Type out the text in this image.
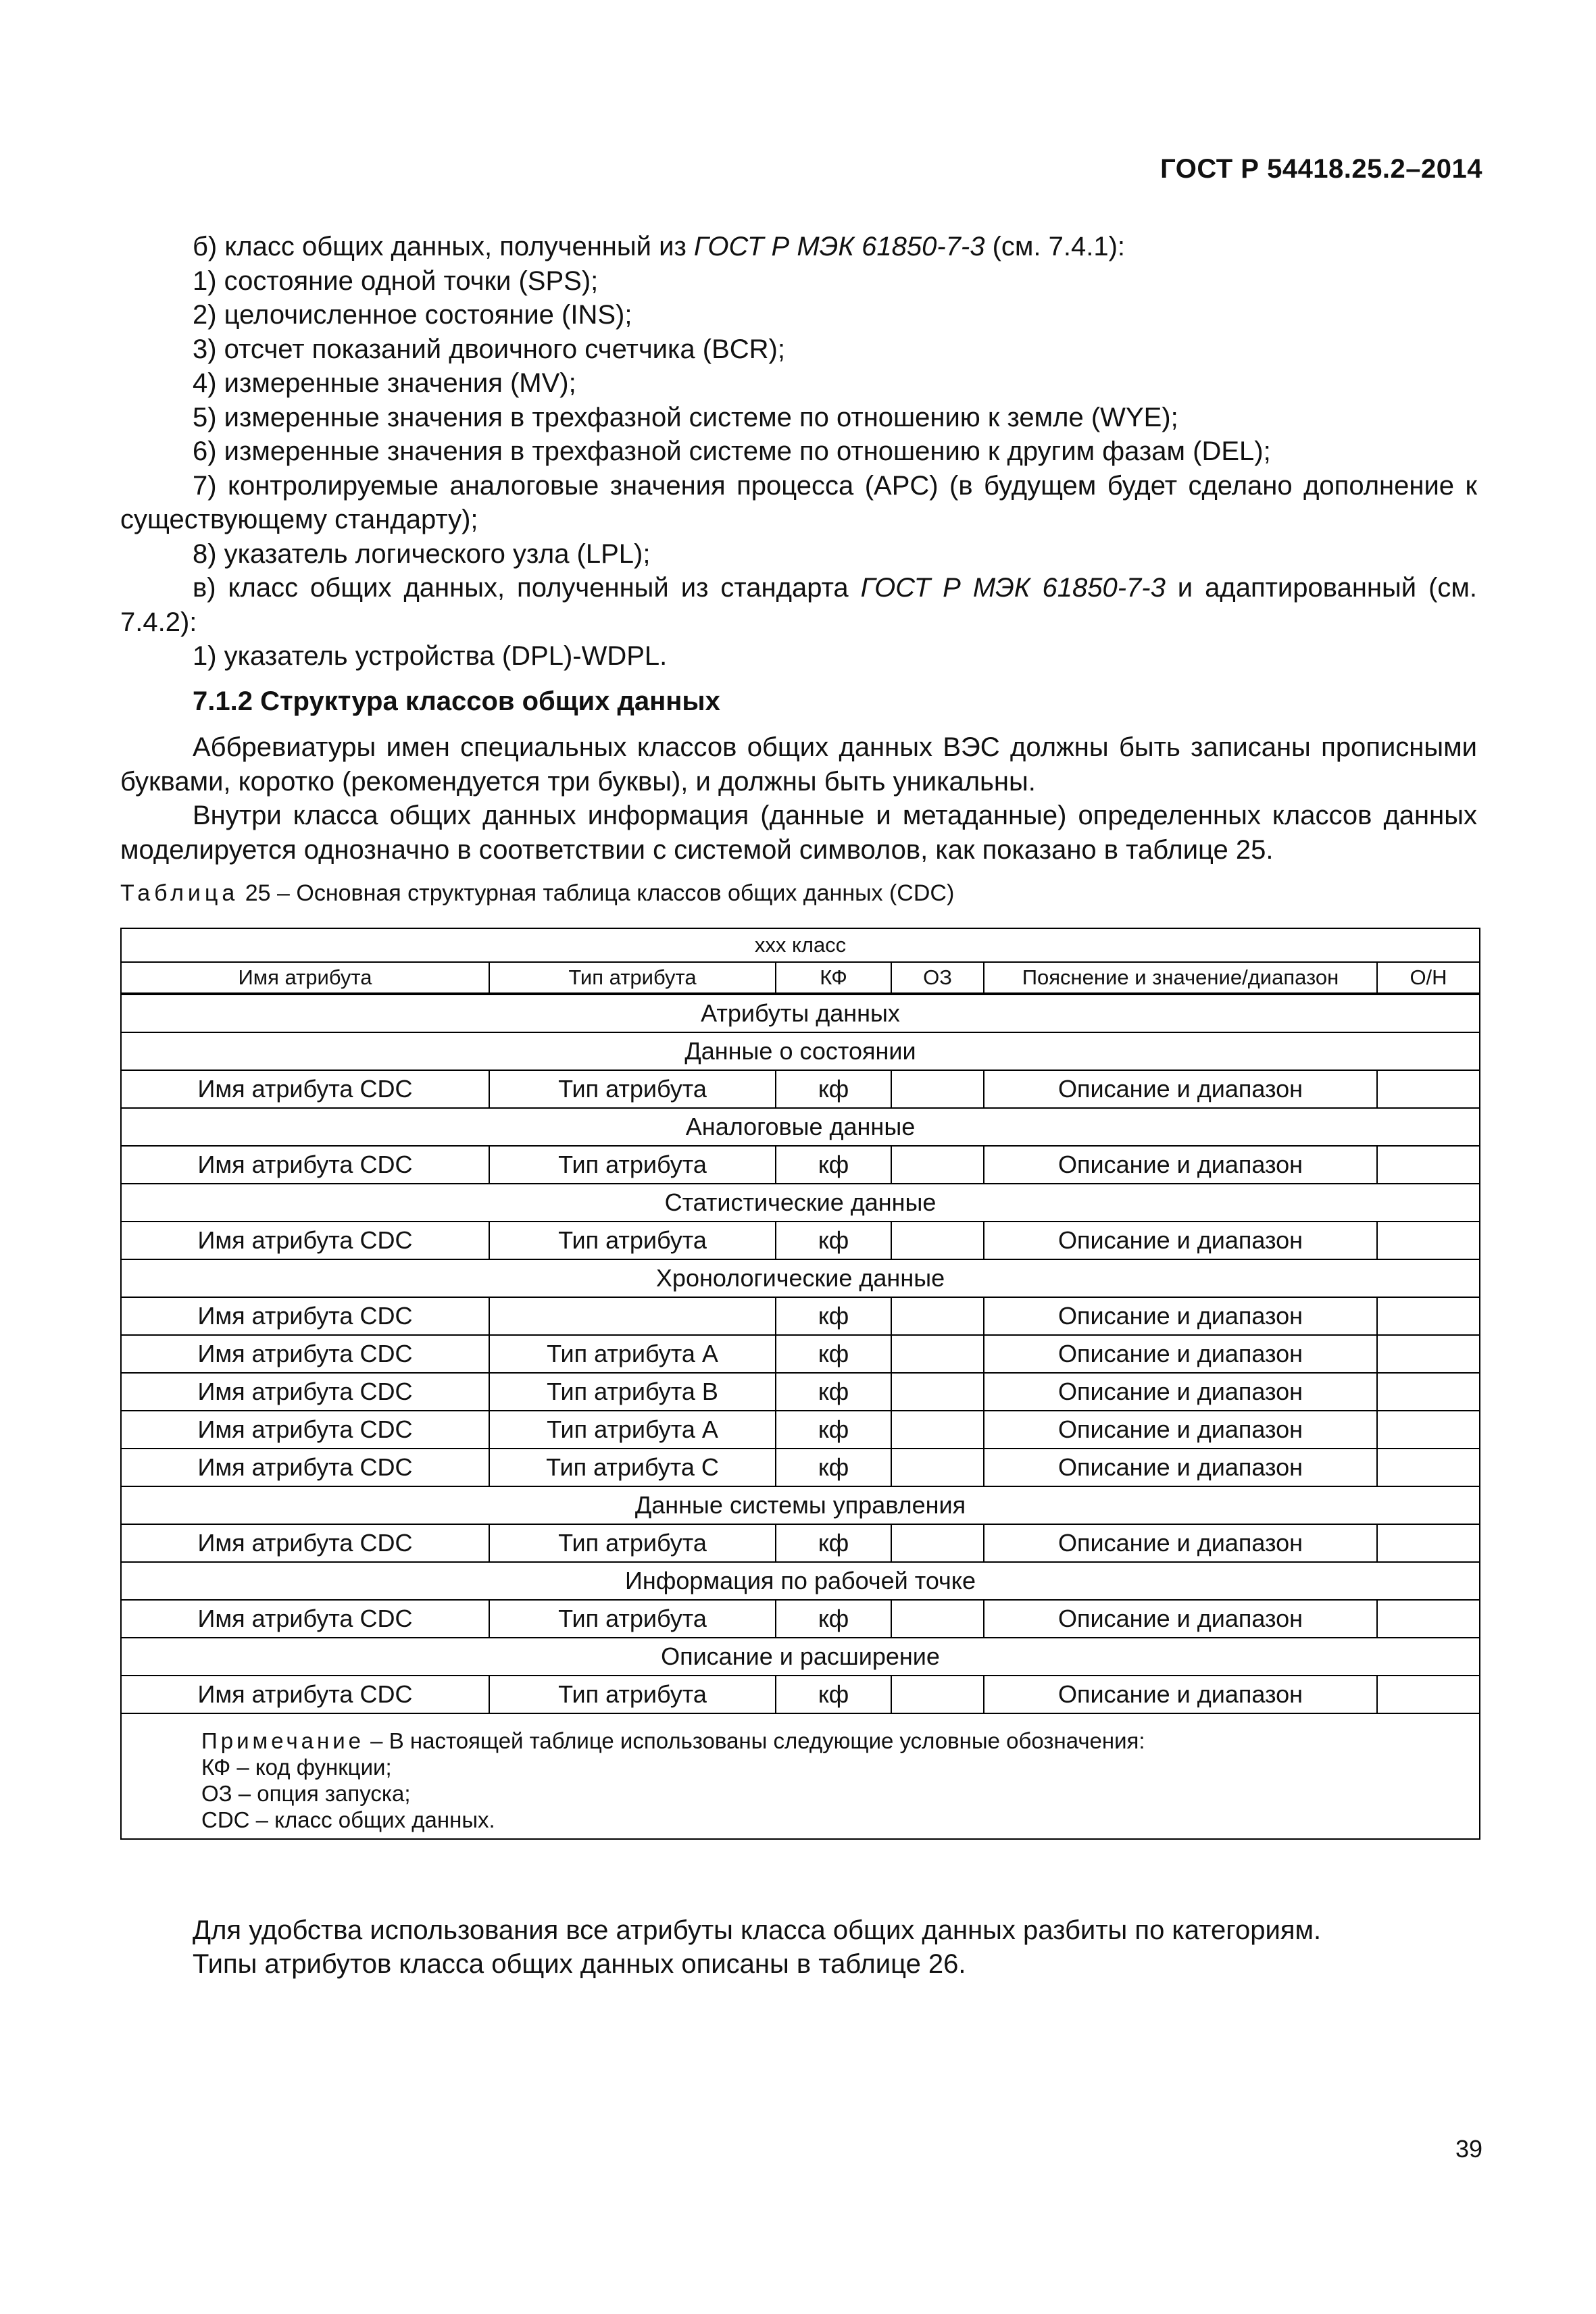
ГОСТ Р 54418.25.2–2014

б) класс общих данных, полученный из ГОСТ Р МЭК 61850-7-3 (см. 7.4.1):

1) состояние одной точки (SPS);

2) целочисленное состояние (INS);

3) отсчет показаний двоичного счетчика (BCR);

4) измеренные значения (MV);

5) измеренные значения в трехфазной системе по отношению к земле (WYE);

6) измеренные значения в трехфазной системе по отношению к другим фазам (DEL);

7) контролируемые аналоговые значения процесса (APC) (в будущем будет сделано дополнение к существующему стандарту);

8) указатель логического узла (LPL);

в) класс общих данных, полученный из стандарта ГОСТ Р МЭК 61850-7-3 и адаптированный (см. 7.4.2):

1) указатель устройства (DPL)-WDPL.

7.1.2 Структура классов общих данных

Аббревиатуры имен специальных классов общих данных ВЭС должны быть записаны прописными буквами, коротко (рекомендуется три буквы), и должны быть уникальны.

Внутри класса общих данных информация (данные и метаданные) определенных классов данных моделируется однозначно в соответствии с системой символов, как показано в таблице 25.

Таблица 25 – Основная структурная таблица классов общих данных (CDC)

ххх класс					
Имя атрибута	Тип атрибута	КФ	ОЗ	Пояснение и значение/диапазон	О/Н
Атрибуты данных					
Данные о состоянии					
Имя атрибута CDC	Тип атрибута	кф		Описание и диапазон	
Аналоговые данные					
Имя атрибута CDC	Тип атрибута	кф		Описание и диапазон	
Статистические данные					
Имя атрибута CDC	Тип атрибута	кф		Описание и диапазон	
Хронологические данные					
Имя атрибута CDC		кф		Описание и диапазон	
Имя атрибута CDC	Тип атрибута A	кф		Описание и диапазон	
Имя атрибута CDC	Тип атрибута B	кф		Описание и диапазон	
Имя атрибута CDC	Тип атрибута A	кф		Описание и диапазон	
Имя атрибута CDC	Тип атрибута C	кф		Описание и диапазон	
Данные системы управления					
Имя атрибута CDC	Тип атрибута	кф		Описание и диапазон	
Информация по рабочей точке					
Имя атрибута CDC	Тип атрибута	кф		Описание и диапазон	
Описание и расширение					
Имя атрибута CDC	Тип атрибута	кф		Описание и диапазон	

Примечание – В настоящей таблице использованы следующие условные обозначения:
КФ – код функции;
ОЗ – опция запуска;
CDC – класс общих данных.					

Для удобства использования все атрибуты класса общих данных разбиты по категориям.

Типы атрибутов класса общих данных описаны в таблице 26.

39
